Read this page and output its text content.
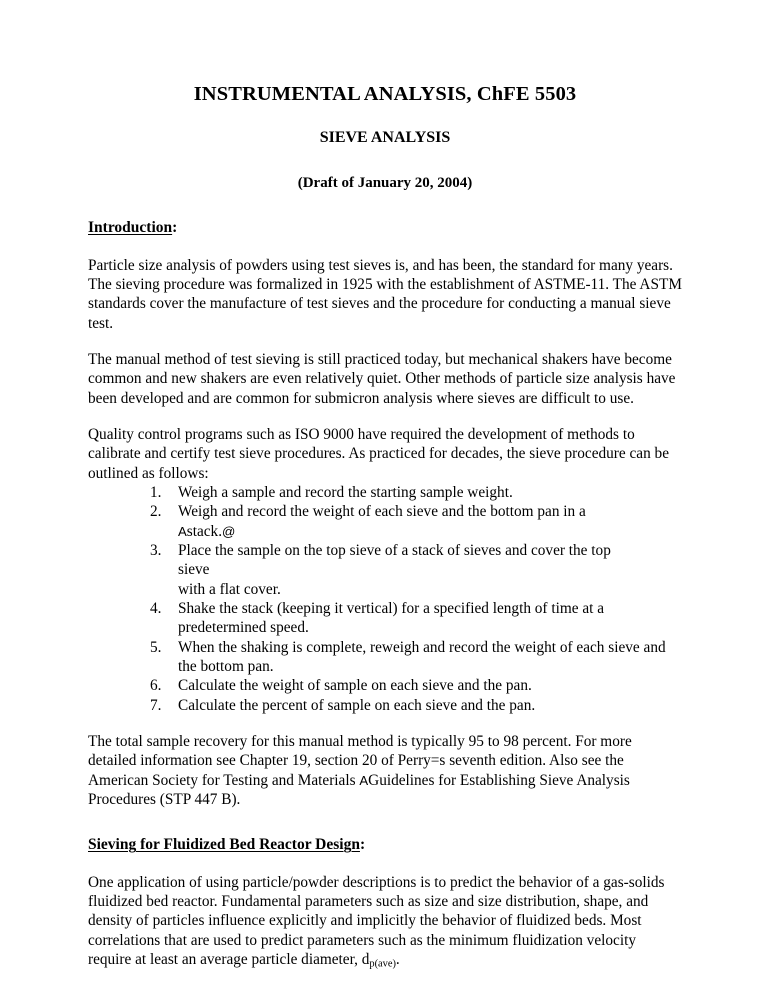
INSTRUMENTAL ANALYSIS, ChFE 5503
SIEVE ANALYSIS

(Draft of January 20, 2004)

Introduction:

Particle size analysis of powders using test sieves is, and has been, the standard for many years. The sieving procedure was formalized in 1925 with the establishment of ASTME-11. The ASTM standards cover the manufacture of test sieves and the procedure for conducting a manual sieve test.

The manual method of test sieving is still practiced today, but mechanical shakers have become common and new shakers are even relatively quiet. Other methods of particle size analysis have been developed and are common for submicron analysis where sieves are difficult to use.

Quality control programs such as ISO 9000 have required the development of methods to calibrate and certify test sieve procedures. As practiced for decades, the sieve procedure can be outlined as follows:

1.	Weigh a sample and record the starting sample weight.
2.	Weigh and record the weight of each sieve and the bottom pan in a
Astack.@
3.	Place the sample on the top sieve of a stack of sieves and cover the top
sieve
with a flat cover.
4.	Shake the stack (keeping it vertical) for a specified length of time at a predetermined speed.
5.	When the shaking is complete, reweigh and record the weight of each sieve and the bottom pan.
6.	Calculate the weight of sample on each sieve and the pan.
7.	Calculate the percent of sample on each sieve and the pan.

The total sample recovery for this manual method is typically 95 to 98 percent. For more detailed information see Chapter 19, section 20 of Perry=s seventh edition. Also see the American Society for Testing and Materials AGuidelines for Establishing Sieve Analysis Procedures (STP 447 B).

Sieving for Fluidized Bed Reactor Design:

One application of using particle/powder descriptions is to predict the behavior of a gas-solids fluidized bed reactor. Fundamental parameters such as size and size distribution, shape, and density of particles influence explicitly and implicitly the behavior of fluidized beds. Most correlations that are used to predict parameters such as the minimum fluidization velocity require at least an average particle diameter, $d_{p(ave)}$.
